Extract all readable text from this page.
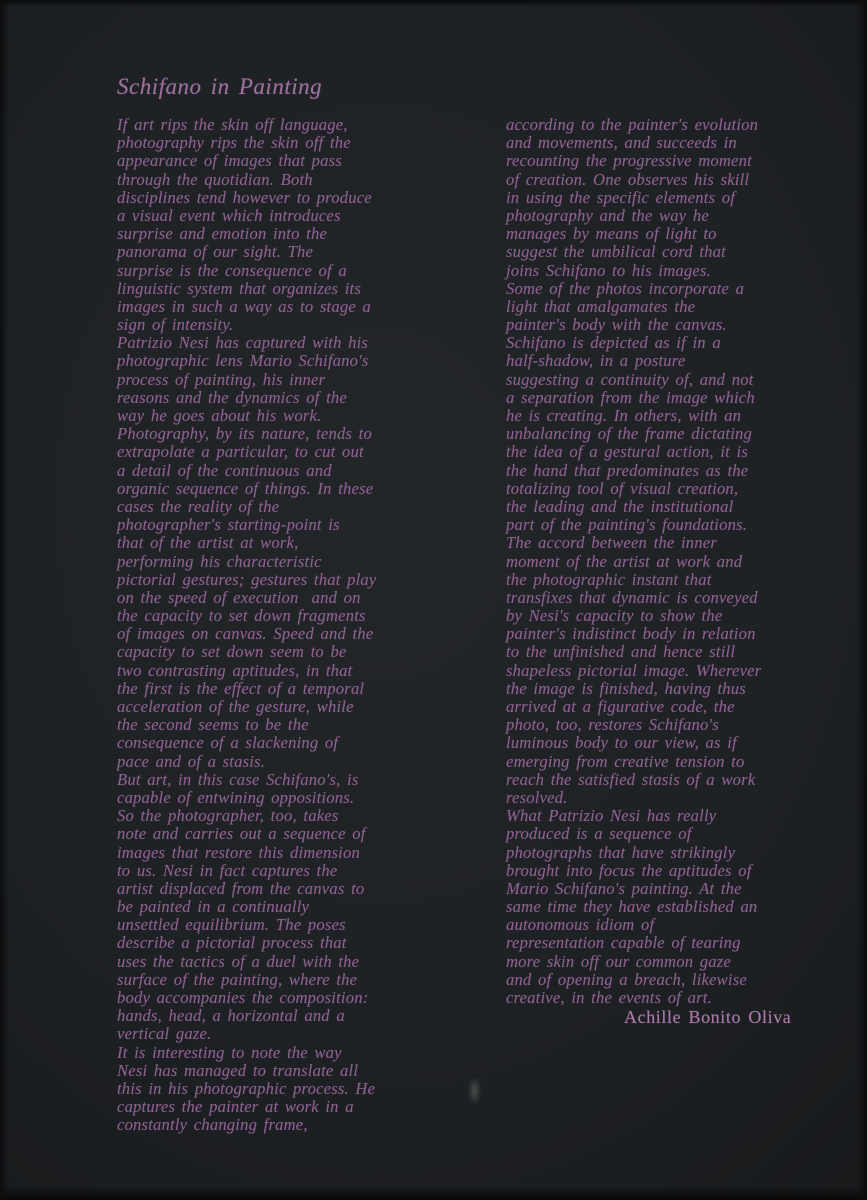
Schifano in Painting
If art rips the skin off language,
photography rips the skin off the
appearance of images that pass
through the quotidian. Both
disciplines tend however to produce
a visual event which introduces
surprise and emotion into the
panorama of our sight. The
surprise is the consequence of a
linguistic system that organizes its
images in such a way as to stage a
sign of intensity.
Patrizio Nesi has captured with his
photographic lens Mario Schifano's
process of painting, his inner
reasons and the dynamics of the
way he goes about his work.
Photography, by its nature, tends to
extrapolate a particular, to cut out
a detail of the continuous and
organic sequence of things. In these
cases the reality of the
photographer's starting-point is
that of the artist at work,
performing his characteristic
pictorial gestures; gestures that play
on the speed of execution  and on
the capacity to set down fragments
of images on canvas. Speed and the
capacity to set down seem to be
two contrasting aptitudes, in that
the first is the effect of a temporal
acceleration of the gesture, while
the second seems to be the
consequence of a slackening of
pace and of a stasis.
But art, in this case Schifano's, is
capable of entwining oppositions.
So the photographer, too, takes
note and carries out a sequence of
images that restore this dimension
to us. Nesi in fact captures the
artist displaced from the canvas to
be painted in a continually
unsettled equilibrium. The poses
describe a pictorial process that
uses the tactics of a duel with the
surface of the painting, where the
body accompanies the composition:
hands, head, a horizontal and a
vertical gaze.
It is interesting to note the way
Nesi has managed to translate all
this in his photographic process. He
captures the painter at work in a
constantly changing frame,
according to the painter's evolution
and movements, and succeeds in
recounting the progressive moment
of creation. One observes his skill
in using the specific elements of
photography and the way he
manages by means of light to
suggest the umbilical cord that
joins Schifano to his images.
Some of the photos incorporate a
light that amalgamates the
painter's body with the canvas.
Schifano is depicted as if in a
half-shadow, in a posture
suggesting a continuity of, and not
a separation from the image which
he is creating. In others, with an
unbalancing of the frame dictating
the idea of a gestural action, it is
the hand that predominates as the
totalizing tool of visual creation,
the leading and the institutional
part of the painting's foundations.
The accord between the inner
moment of the artist at work and
the photographic instant that
transfixes that dynamic is conveyed
by Nesi's capacity to show the
painter's indistinct body in relation
to the unfinished and hence still
shapeless pictorial image. Wherever
the image is finished, having thus
arrived at a figurative code, the
photo, too, restores Schifano's
luminous body to our view, as if
emerging from creative tension to
reach the satisfied stasis of a work
resolved.
What Patrizio Nesi has really
produced is a sequence of
photographs that have strikingly
brought into focus the aptitudes of
Mario Schifano's painting. At the
same time they have established an
autonomous idiom of
representation capable of tearing
more skin off our common gaze
and of opening a breach, likewise
creative, in the events of art.
Achille Bonito Oliva
